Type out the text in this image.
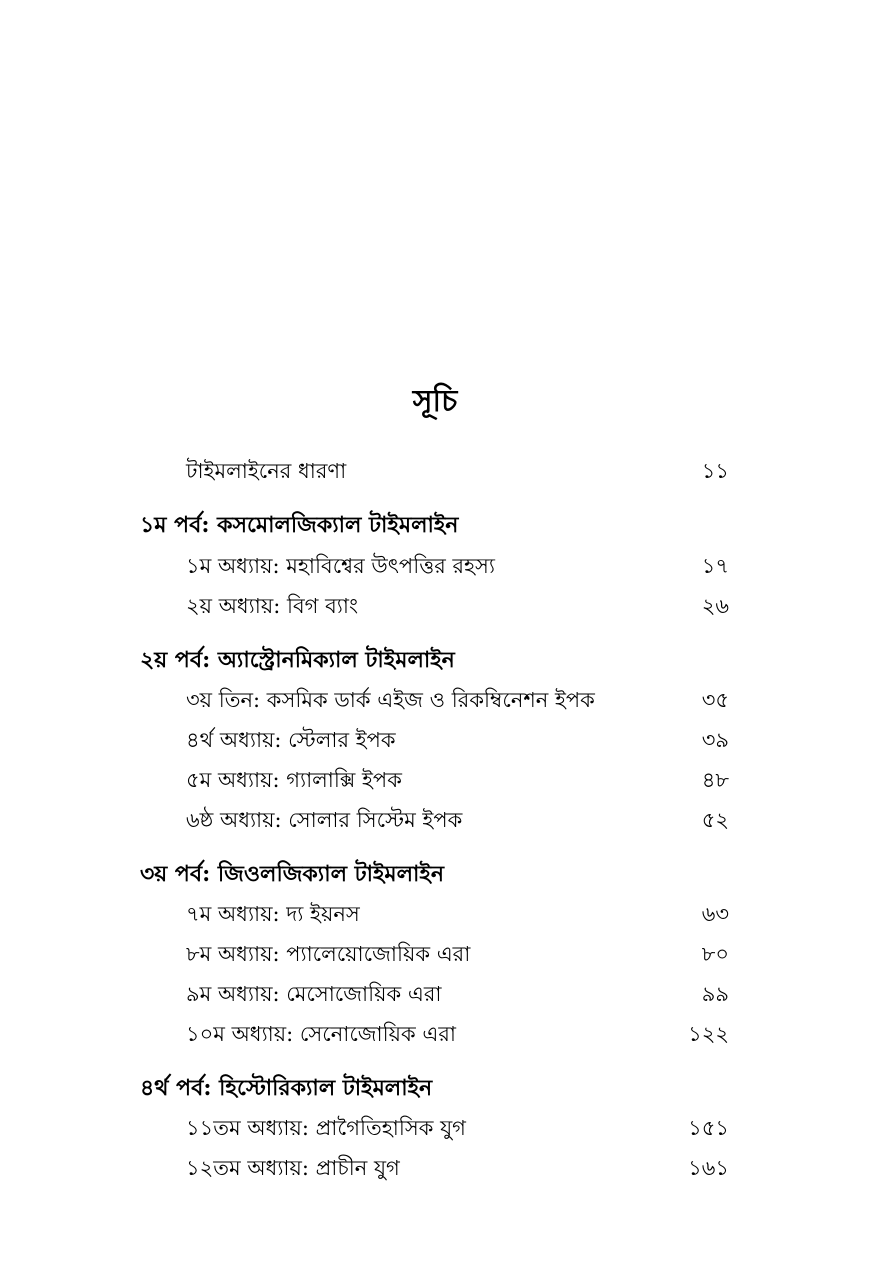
সূচি
টাইমলাইনের ধারণা	১১
১ম পর্ব: কসমোলজিক্যাল টাইমলাইন
১ম অধ্যায়: মহাবিশ্বের উৎপত্তির রহস্য	১৭
২য় অধ্যায়: বিগ ব্যাং	২৬
২য় পর্ব: অ্যাস্ট্রোনমিক্যাল টাইমলাইন
৩য় তিন: কসমিক ডার্ক এইজ ও রিকম্বিনেশন ইপক	৩৫
৪র্থ অধ্যায়: স্টেলার ইপক	৩৯
৫ম অধ্যায়: গ্যালাক্সি ইপক	৪৮
৬ষ্ঠ অধ্যায়: সোলার সিস্টেম ইপক	৫২
৩য় পর্ব: জিওলজিক্যাল টাইমলাইন
৭ম অধ্যায়: দ্য ইয়নস	৬৩
৮ম অধ্যায়: প্যালেয়োজোয়িক এরা	৮০
৯ম অধ্যায়: মেসোজোয়িক এরা	৯৯
১০ম অধ্যায়: সেনোজোয়িক এরা	১২২
৪র্থ পর্ব: হিস্টোরিক্যাল টাইমলাইন
১১তম অধ্যায়: প্রাগৈতিহাসিক যুগ	১৫১
১২তম অধ্যায়: প্রাচীন যুগ	১৬১
